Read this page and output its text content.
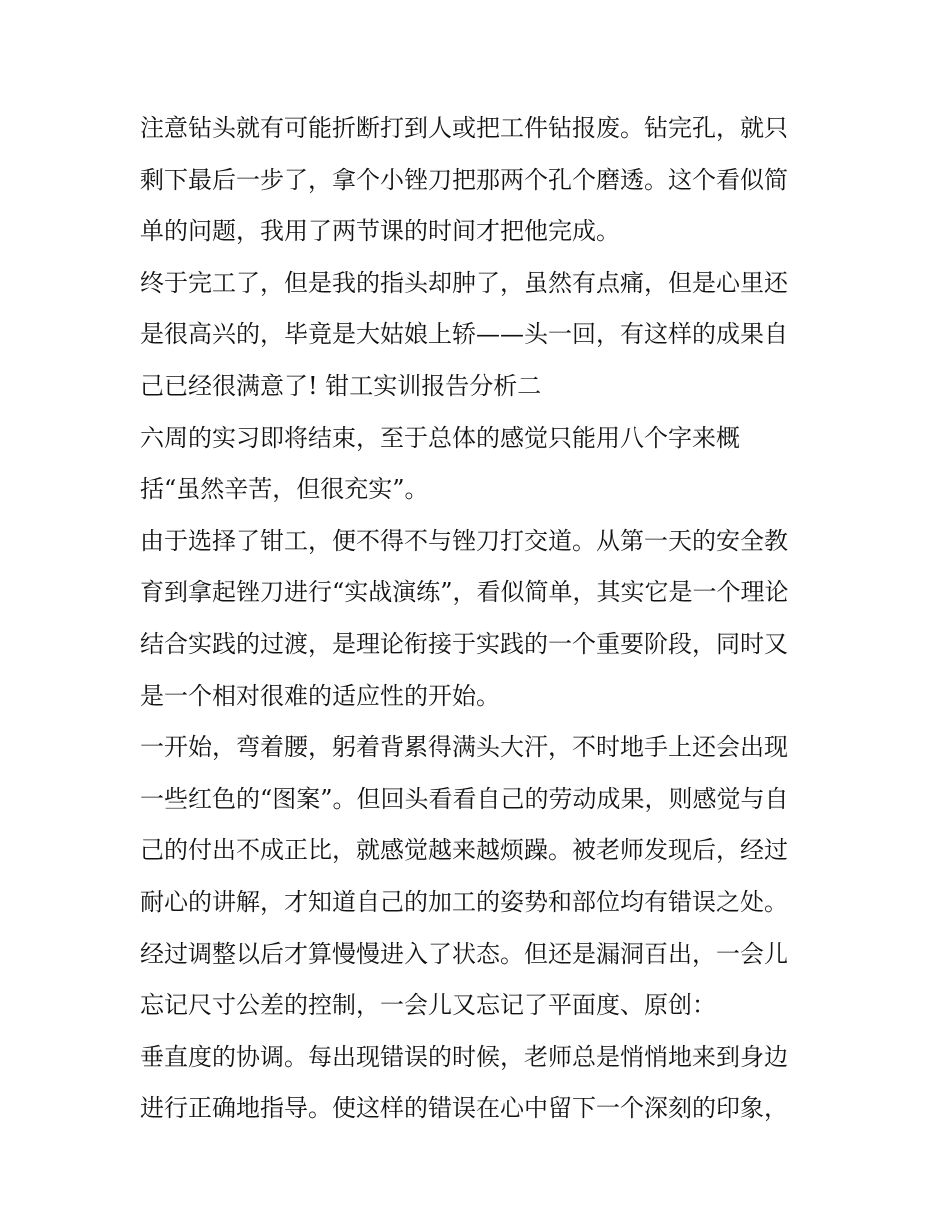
注意钻头就有可能折断打到人或把工件钻报废。钻完孔，就只
剩下最后一步了，拿个小锉刀把那两个孔个磨透。这个看似简
单的问题，我用了两节课的时间才把他完成。
终于完工了，但是我的指头却肿了，虽然有点痛，但是心里还
是很高兴的，毕竟是大姑娘上轿——头一回，有这样的成果自
己已经很满意了! 钳工实训报告分析二
六周的实习即将结束，至于总体的感觉只能用八个字来概
括“虽然辛苦，但很充实”。
由于选择了钳工，便不得不与锉刀打交道。从第一天的安全教
育到拿起锉刀进行“实战演练”，看似简单，其实它是一个理论
结合实践的过渡，是理论衔接于实践的一个重要阶段，同时又
是一个相对很难的适应性的开始。
一开始，弯着腰，躬着背累得满头大汗，不时地手上还会出现
一些红色的“图案”。但回头看看自己的劳动成果，则感觉与自
己的付出不成正比，就感觉越来越烦躁。被老师发现后，经过
耐心的讲解，才知道自己的加工的姿势和部位均有错误之处。
经过调整以后才算慢慢进入了状态。但还是漏洞百出，一会儿
忘记尺寸公差的控制，一会儿又忘记了平面度、原创：
垂直度的协调。每出现错误的时候，老师总是悄悄地来到身边
进行正确地指导。使这样的错误在心中留下一个深刻的印象，
